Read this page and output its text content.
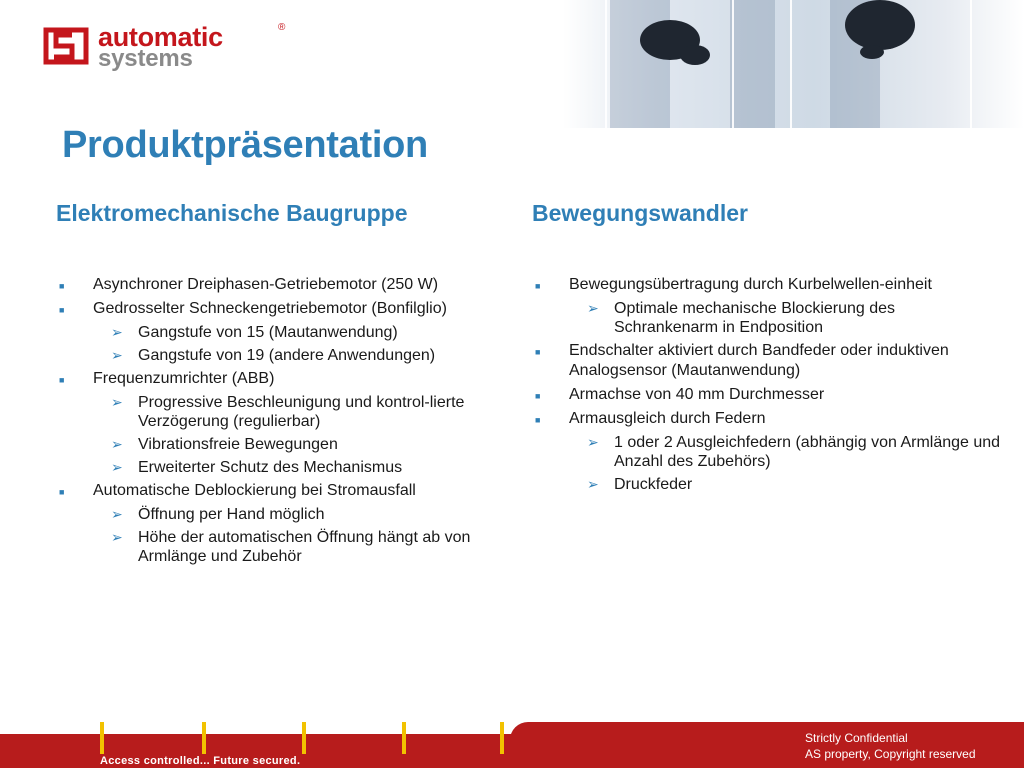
automatic	®
systems
Produktpräsentation
Elektromechanische Baugruppe
■ Asynchroner Dreiphasen-Getriebemotor (250 W)
■ Gedrosselter Schneckengetriebemotor (Bonfilglio)
➢ Gangstufe von 15 (Mautanwendung)
➢ Gangstufe von 19 (andere Anwendungen)
■ Frequenzumrichter (ABB)
➢ Progressive Beschleunigung und kontrol-lierte Verzögerung (regulierbar)
➢ Vibrationsfreie Bewegungen
➢ Erweiterter Schutz des Mechanismus
■ Automatische Deblockierung bei Stromausfall
➢ Öffnung per Hand möglich
➢ Höhe der automatischen Öffnung hängt ab von Armlänge und Zubehör
Bewegungswandler
■ Bewegungsübertragung durch Kurbelwellen-einheit
➢ Optimale mechanische Blockierung des Schrankenarm in Endposition
■ Endschalter aktiviert durch Bandfeder oder induktiven Analogsensor (Mautanwendung)
■ Armachse von 40 mm Durchmesser
■ Armausgleich durch Federn
➢ 1 oder 2 Ausgleichfedern (abhängig von Armlänge und Anzahl des Zubehörs)
➢ Druckfeder
Access controlled... Future secured.
Strictly Confidential
AS property, Copyright reserved
